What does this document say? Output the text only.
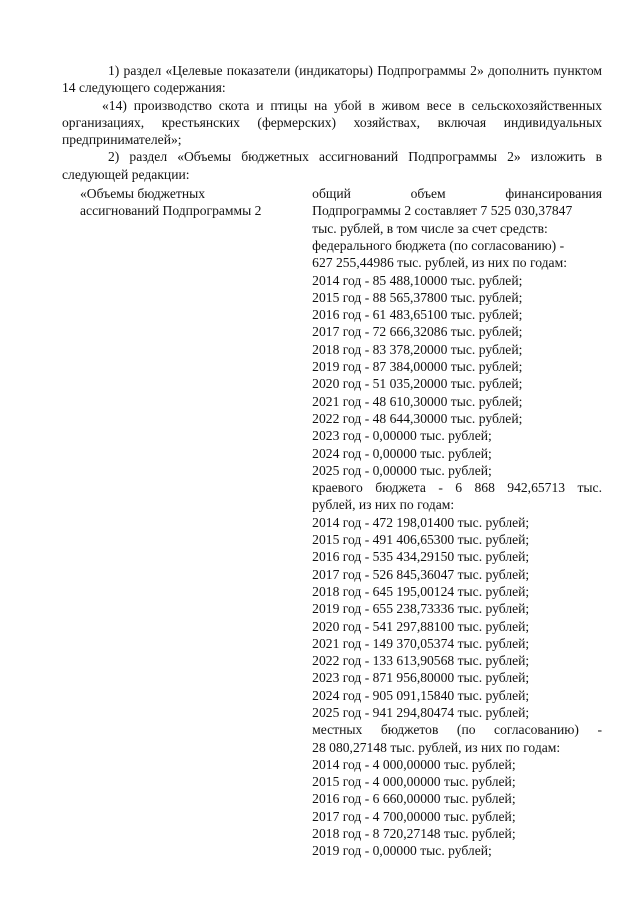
1) раздел «Целевые показатели (индикаторы) Подпрограммы 2» дополнить пунктом 14 следующего содержания:

«14) производство скота и птицы на убой в живом весе в сельскохозяйственных организациях, крестьянских (фермерских) хозяйствах, включая индивидуальных предпринимателей»;

2) раздел «Объемы бюджетных ассигнований Подпрограммы 2» изложить в следующей редакции:

«Объемы бюджетных
ассигнований Подпрограммы 2
общий объем финансирования
Подпрограммы 2 составляет 7 525 030,37847
тыс. рублей, в том числе за счет средств:
федерального бюджета (по согласованию) -
627 255,44986 тыс. рублей, из них по годам:
2014 год - 85 488,10000 тыс. рублей;
2015 год - 88 565,37800 тыс. рублей;
2016 год - 61 483,65100 тыс. рублей;
2017 год - 72 666,32086 тыс. рублей;
2018 год - 83 378,20000 тыс. рублей;
2019 год - 87 384,00000 тыс. рублей;
2020 год - 51 035,20000 тыс. рублей;
2021 год - 48 610,30000 тыс. рублей;
2022 год - 48 644,30000 тыс. рублей;
2023 год - 0,00000 тыс. рублей;
2024 год - 0,00000 тыс. рублей;
2025 год - 0,00000 тыс. рублей;
краевого бюджета - 6 868 942,65713 тыс.
рублей, из них по годам:
2014 год - 472 198,01400 тыс. рублей;
2015 год - 491 406,65300 тыс. рублей;
2016 год - 535 434,29150 тыс. рублей;
2017 год - 526 845,36047 тыс. рублей;
2018 год - 645 195,00124 тыс. рублей;
2019 год - 655 238,73336 тыс. рублей;
2020 год - 541 297,88100 тыс. рублей;
2021 год - 149 370,05374 тыс. рублей;
2022 год - 133 613,90568 тыс. рублей;
2023 год - 871 956,80000 тыс. рублей;
2024 год - 905 091,15840 тыс. рублей;
2025 год - 941 294,80474 тыс. рублей;
местных бюджетов (по согласованию) -
28 080,27148 тыс. рублей, из них по годам:
2014 год - 4 000,00000 тыс. рублей;
2015 год - 4 000,00000 тыс. рублей;
2016 год - 6 660,00000 тыс. рублей;
2017 год - 4 700,00000 тыс. рублей;
2018 год - 8 720,27148 тыс. рублей;
2019 год - 0,00000 тыс. рублей;
